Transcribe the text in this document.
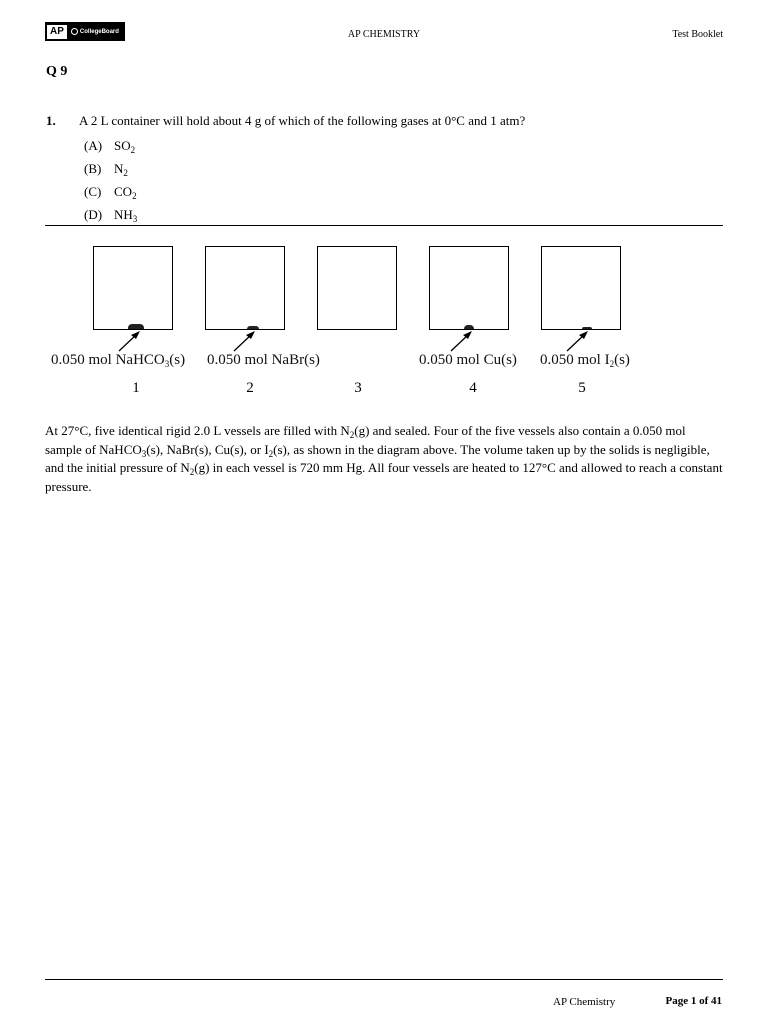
AP	CollegeBoard	AP CHEMISTRY	Test Booklet
Q 9
1. A 2 L container will hold about 4 g of which of the following gases at 0°C and 1 atm?
(A) $SO_2$
(B) $N_2$
(C) $CO_2$
(D) $NH_3$
0.050 mol NaHCO$_3$(s)
1
0.050 mol NaBr(s)
2	3
0.050 mol Cu(s)
4
0.050 mol $I_2(s)$
5
At 27°C, five identical rigid 2.0 L vessels are filled with $N_2(g)$ and sealed. Four of the five vessels also contain a 0.050 mol sample of NaHCO$_3$(s), NaBr(s), Cu(s), or $I_2(s)$, as shown in the diagram above. The volume taken up by the solids is negligible, and the initial pressure of $N_2(g)$ in each vessel is 720 mm Hg. All four vessels are heated to 127°C and allowed to reach a constant pressure.
AP Chemistry	Page 1 of 41
